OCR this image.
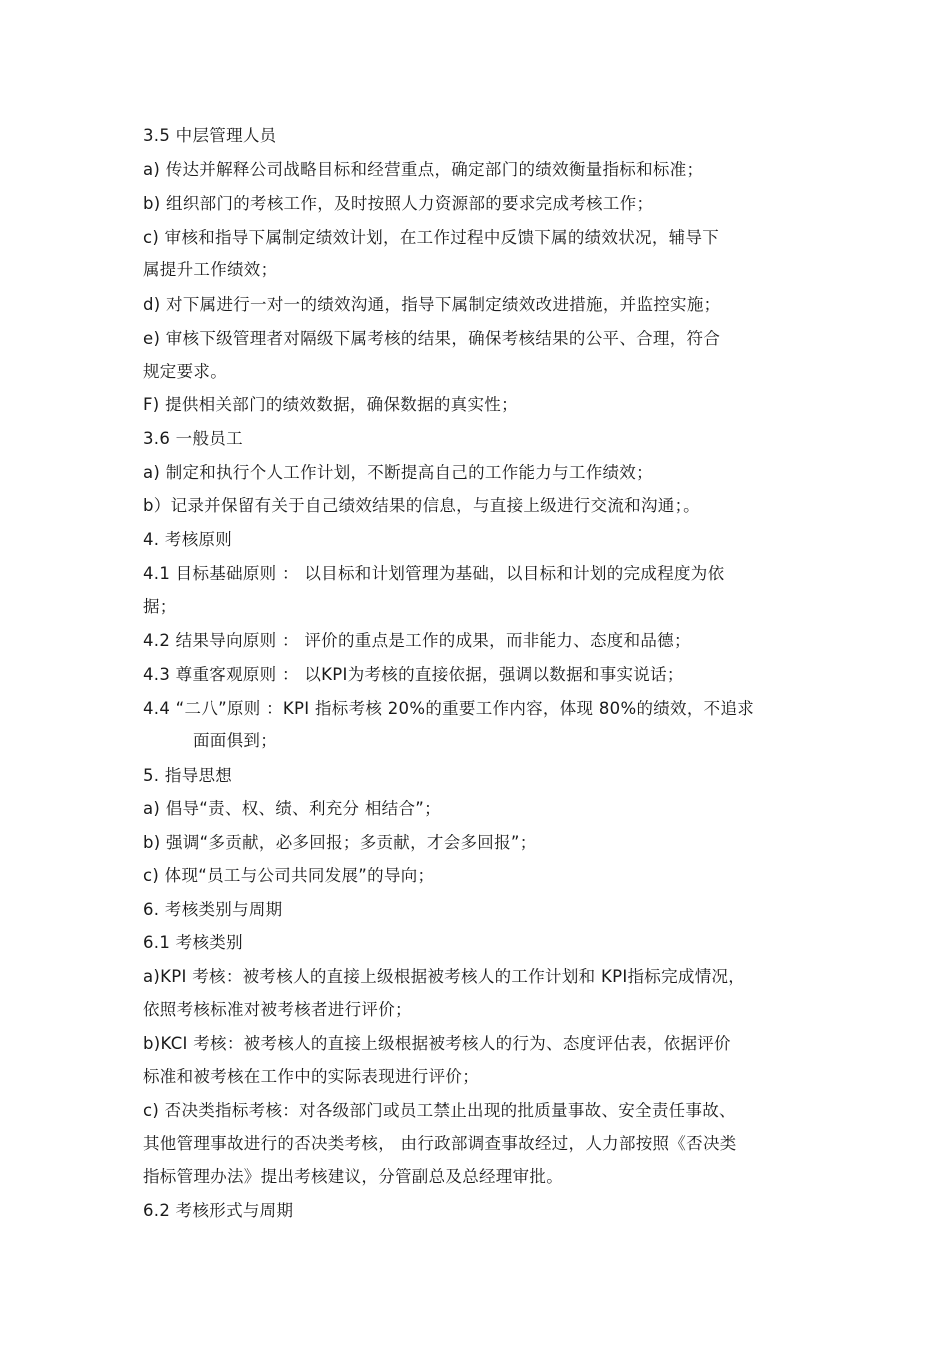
3.5 中层管理人员
a) 传达并解释公司战略目标和经营重点，确定部门的绩效衡量指标和标准；
b) 组织部门的考核工作，及时按照人力资源部的要求完成考核工作；
c) 审核和指导下属制定绩效计划，在工作过程中反馈下属的绩效状况，辅导下
属提升工作绩效；
d) 对下属进行一对一的绩效沟通，指导下属制定绩效改进措施，并监控实施；
e) 审核下级管理者对隔级下属考核的结果，确保考核结果的公平、合理，符合
规定要求。
F) 提供相关部门的绩效数据，确保数据的真实性；
3.6 一般员工
a) 制定和执行个人工作计划，不断提高自己的工作能力与工作绩效；
b）记录并保留有关于自己绩效结果的信息，与直接上级进行交流和沟通；。
4. 考核原则
4.1 目标基础原则 ： 以目标和计划管理为基础，以目标和计划的完成程度为依
据；
4.2 结果导向原则 ： 评价的重点是工作的成果，而非能力、态度和品德；
4.3 尊重客观原则 ： 以KPI为考核的直接依据，强调以数据和事实说话；
4.4 “二八”原则 ：KPI 指标考核 20%的重要工作内容，体现 80%的绩效，不追求
面面俱到；
5. 指导思想
a) 倡导“责、权、绩、利充分 相结合”；
b) 强调“多贡献，必多回报；多贡献，才会多回报”；
c) 体现“员工与公司共同发展”的导向；
6. 考核类别与周期
6.1 考核类别
a)KPI 考核：被考核人的直接上级根据被考核人的工作计划和 KPI指标完成情况，
依照考核标准对被考核者进行评价；
b)KCI 考核：被考核人的直接上级根据被考核人的行为、态度评估表，依据评价
标准和被考核在工作中的实际表现进行评价；
c) 否决类指标考核：对各级部门或员工禁止出现的批质量事故、安全责任事故、
其他管理事故进行的否决类考核， 由行政部调查事故经过，人力部按照《否决类
指标管理办法》提出考核建议，分管副总及总经理审批。
6.2 考核形式与周期
